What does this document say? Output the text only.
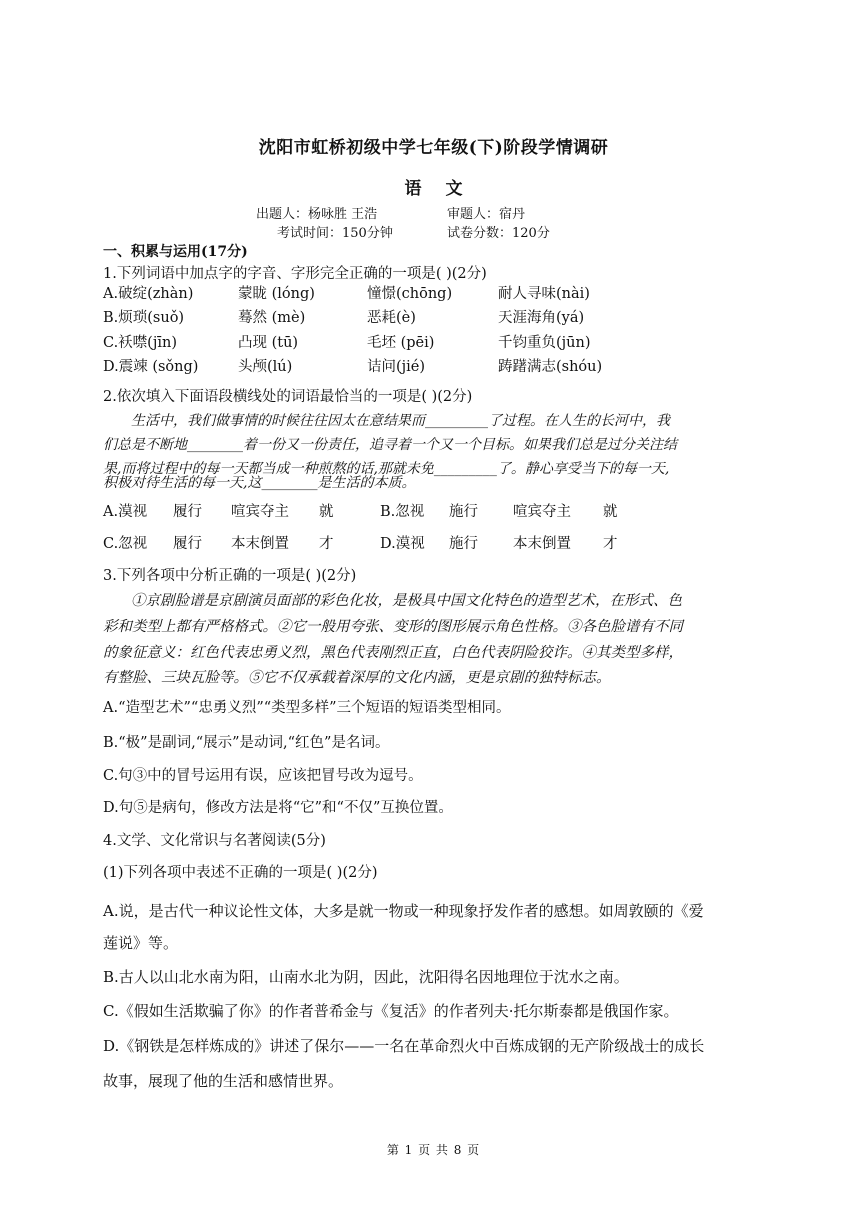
沈阳市虹桥初级中学七年级(下)阶段学情调研
语文
出题人：杨咏胜 王浩	审题人：宿丹
考试时间：150分钟	试卷分数：120分
一、积累与运用(17分)
1.下列词语中加点字的字音、字形完全正确的一项是( )(2分)
A.破绽(zhàn)	蒙眬 (lóng)	憧憬(chōng)	耐人寻味(nài)
B.烦琐(suǒ)	蓦然 (mè)	恶耗(è)	天涯海角(yá)
C.袄噤(jīn)	凸现 (tū)	毛坯 (pēi)	千钧重负(jūn)
D.震竦 (sǒng)	头颅(lú)	诘问(jié)	踌躇满志(shóu)
2.依次填入下面语段横线处的词语最恰当的一项是( )(2分)
生活中，我们做事情的时候往往因太在意结果而_________了过程。在人生的长河中，我
们总是不断地________着一份又一份责任，追寻着一个又一个目标。如果我们总是过分关注结
果,而将过程中的每一天都当成一种煎熬的话,那就未免_________了。静心享受当下的每一天,
积极对待生活的每一天,这________是生活的本质。
A.漠视 履行 喧宾夺主 就	B.忽视 施行 喧宾夺主 就
C.忽视 履行 本末倒置 才	D.漠视 施行 本末倒置 才
3.下列各项中分析正确的一项是( )(2分)
①京剧脸谱是京剧演员面部的彩色化妆，是极具中国文化特色的造型艺术，在形式、色
彩和类型上都有严格格式。②它一般用夸张、变形的图形展示角色性格。③各色脸谱有不同
的象征意义：红色代表忠勇义烈，黑色代表刚烈正直，白色代表阴险狡诈。④其类型多样，
有整脸、三块瓦脸等。⑤它不仅承载着深厚的文化内涵，更是京剧的独特标志。
A.“造型艺术”“忠勇义烈”“类型多样”三个短语的短语类型相同。
B.“极”是副词,“展示”是动词,“红色”是名词。
C.句③中的冒号运用有误，应该把冒号改为逗号。
D.句⑤是病句，修改方法是将“它”和“不仅”互换位置。
4.文学、文化常识与名著阅读(5分)
(1)下列各项中表述不正确的一项是( )(2分)
A.说，是古代一种议论性文体，大多是就一物或一种现象抒发作者的感想。如周敦颐的《爱
莲说》等。
B.古人以山北水南为阳，山南水北为阴，因此，沈阳得名因地理位于沈水之南。
C.《假如生活欺骗了你》的作者普希金与《复活》的作者列夫·托尔斯泰都是俄国作家。
D.《钢铁是怎样炼成的》讲述了保尔——一名在革命烈火中百炼成钢的无产阶级战士的成长
故事，展现了他的生活和感情世界。
第 1 页 共 8 页
